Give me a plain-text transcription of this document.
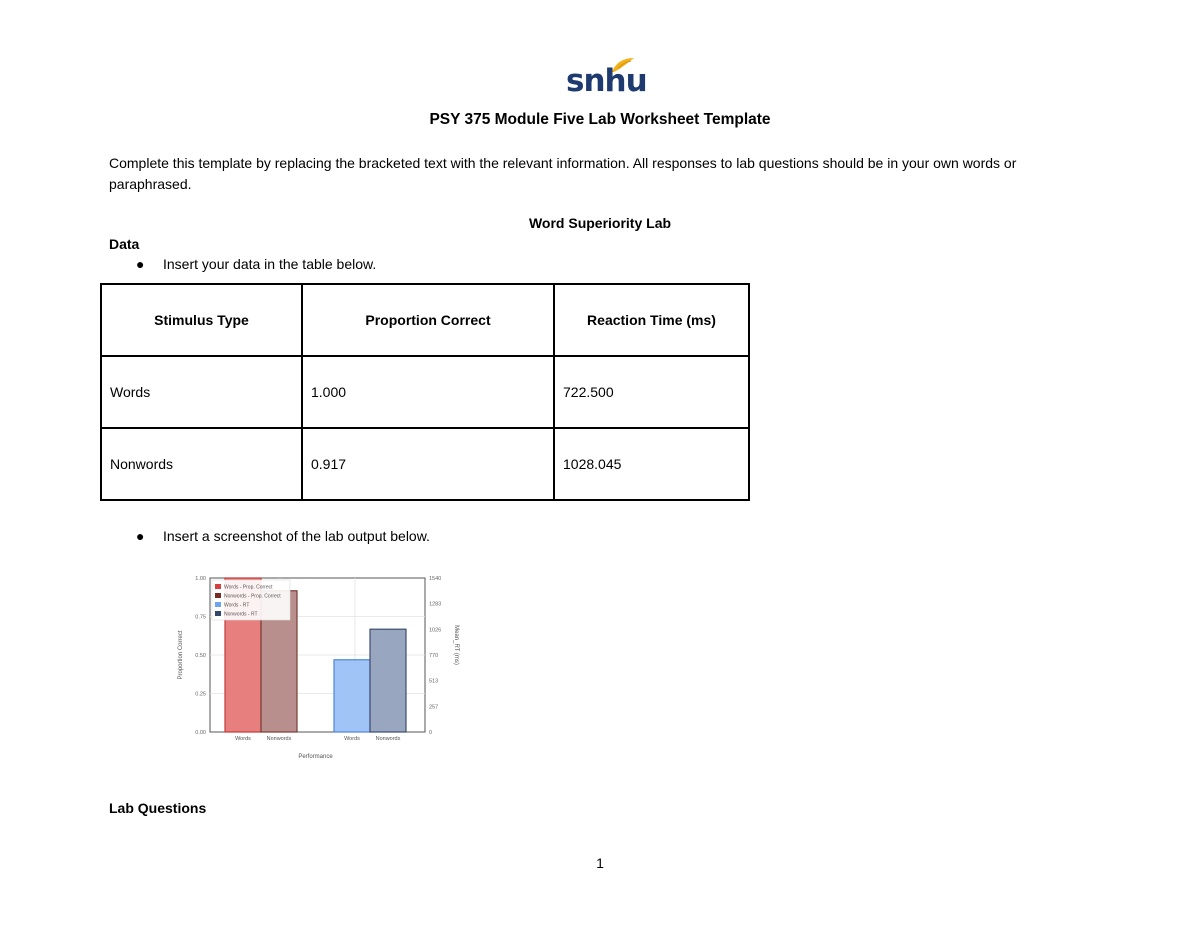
snhu
PSY 375 Module Five Lab Worksheet Template
Complete this template by replacing the bracketed text with the relevant information. All responses to lab questions should be in your own words or paraphrased.
Word Superiority Lab
Data
● Insert your data in the table below.
Stimulus Type	Proportion Correct	Reaction Time (ms)
Words	1.000	722.500
Nonwords	0.917	1028.045
● Insert a screenshot of the lab output below.
1.00
0.75
0.50
0.25
0.00
1540
1283
1026
770
513
257
0
Words	Nonwords	Words	Nonwords
Performance
Proportion Correct	Mean_RT (ms)
Words - Prop. Correct
Nonwords - Prop. Correct
Words - RT
Nonwords - RT
Lab Questions
1
